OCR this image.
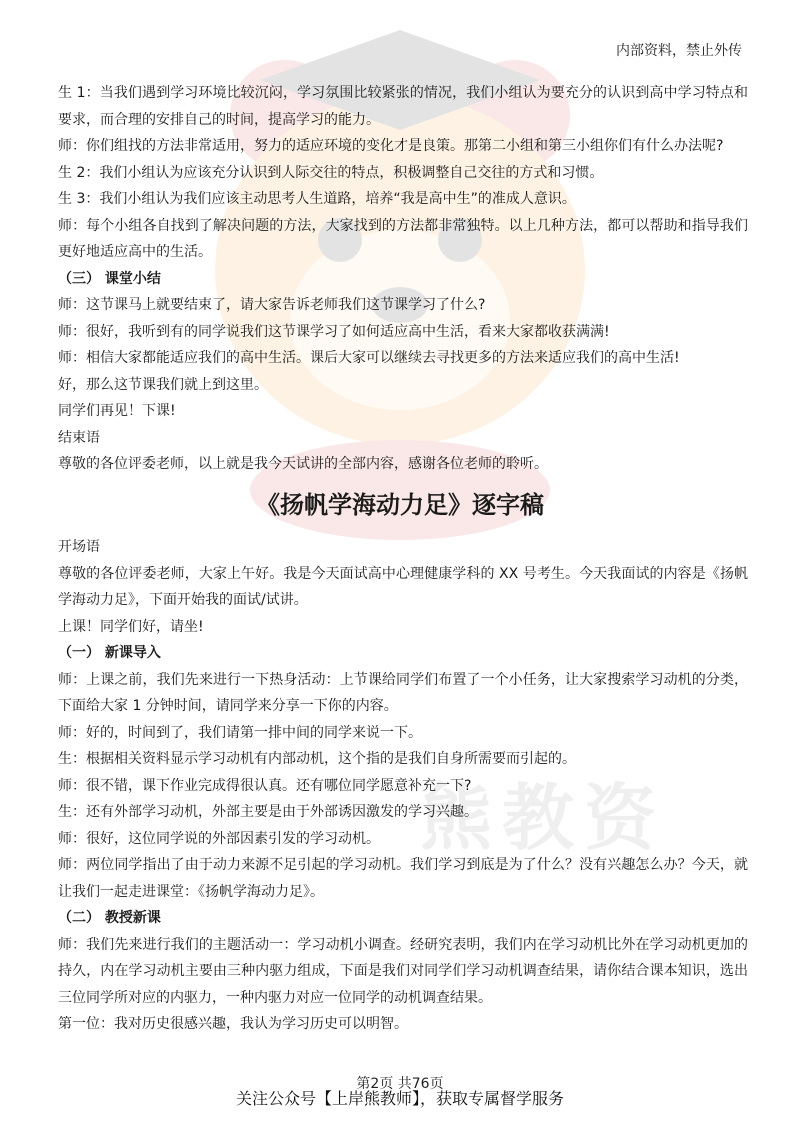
熊教资
内部资料，禁止外传

生 1：当我们遇到学习环境比较沉闷，学习氛围比较紧张的情况，我们小组认为要充分的认识到高中学习特点和要求，而合理的安排自己的时间，提高学习的能力。

师：你们组找的方法非常适用，努力的适应环境的变化才是良策。那第二小组和第三小组你们有什么办法呢?

生 2：我们小组认为应该充分认识到人际交往的特点，积极调整自己交往的方式和习惯。

生 3：我们小组认为我们应该主动思考人生道路，培养“我是高中生”的准成人意识。

师：每个小组各自找到了解决问题的方法，大家找到的方法都非常独特。以上几种方法，都可以帮助和指导我们更好地适应高中的生活。

（三） 课堂小结

师：这节课马上就要结束了，请大家告诉老师我们这节课学习了什么?

师：很好，我听到有的同学说我们这节课学习了如何适应高中生活，看来大家都收获满满!

师：相信大家都能适应我们的高中生活。课后大家可以继续去寻找更多的方法来适应我们的高中生活!

好，那么这节课我们就上到这里。

同学们再见！下课!

结束语

尊敬的各位评委老师，以上就是我今天试讲的全部内容，感谢各位老师的聆听。

《扬帆学海动力足》逐字稿

开场语

尊敬的各位评委老师，大家上午好。我是今天面试高中心理健康学科的 XX 号考生。今天我面试的内容是《扬帆学海动力足》，下面开始我的面试/试讲。

上课！同学们好，请坐!

（一） 新课导入

师：上课之前，我们先来进行一下热身活动：上节课给同学们布置了一个小任务，让大家搜索学习动机的分类，下面给大家 1 分钟时间，请同学来分享一下你的内容。

师：好的，时间到了，我们请第一排中间的同学来说一下。

生：根据相关资料显示学习动机有内部动机，这个指的是我们自身所需要而引起的。

师：很不错，课下作业完成得很认真。还有哪位同学愿意补充一下?

生：还有外部学习动机，外部主要是由于外部诱因激发的学习兴趣。

师：很好，这位同学说的外部因素引发的学习动机。

师：两位同学指出了由于动力来源不足引起的学习动机。我们学习到底是为了什么？没有兴趣怎么办？今天，就让我们一起走进课堂：《扬帆学海动力足》。

（二） 教授新课

师：我们先来进行我们的主题活动一：学习动机小调查。经研究表明，我们内在学习动机比外在学习动机更加的持久，内在学习动机主要由三种内驱力组成，下面是我们对同学们学习动机调查结果，请你结合课本知识，选出三位同学所对应的内驱力，一种内驱力对应一位同学的动机调查结果。

第一位：我对历史很感兴趣，我认为学习历史可以明智。

第2页 共76页
关注公众号【上岸熊教师】，获取专属督学服务
